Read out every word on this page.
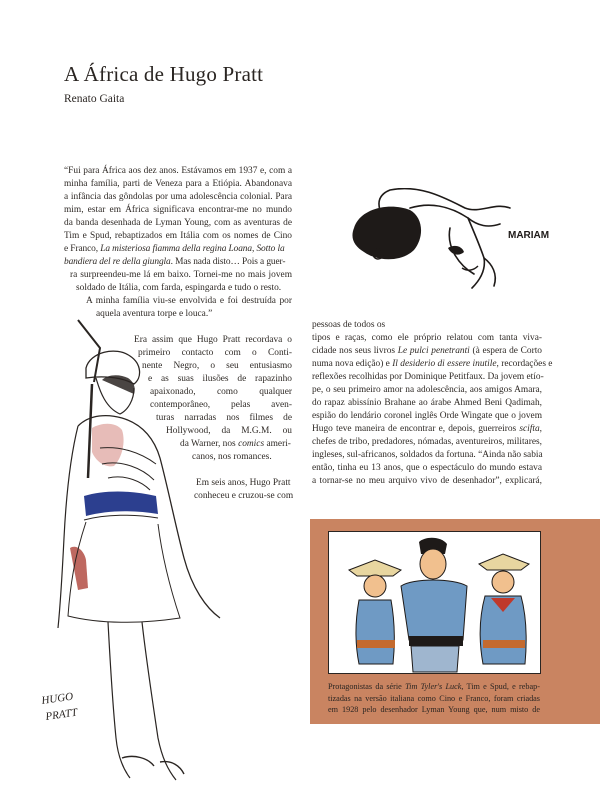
A África de Hugo Pratt
Renato Gaita
MARIAM
“Fui para África aos dez anos. Estávamos em 1937 e, com a
minha família, parti de Veneza para a Etiópia. Abandonava
a infância das gôndolas por uma adolescência colonial. Para
mim, estar em África significava encontrar-me no mundo
da banda desenhada de Lyman Young, com as aventuras de
Tim e Spud, rebaptizados em Itália com os nomes de Cino
e Franco, La misteriosa fiamma della regina Loana, Sotto la
bandiera del re della giungla. Mas nada disto… Pois a guer-
ra surpreendeu-me lá em baixo. Tornei-me no mais jovem
soldado de Itália, com farda, espingarda e tudo o resto.
A minha família viu-se envolvida e foi destruída por
aquela aventura torpe e louca.”
Era assim que Hugo Pratt recordava o
primeiro contacto com o Conti-
nente Negro, o seu entusiasmo
e as suas ilusões de rapazinho
apaixonado, como qualquer
contemporâneo, pelas aven-
turas narradas nos filmes de
Hollywood, da M.G.M. ou
da Warner, nos comics ameri-
canos, nos romances.
Em seis anos, Hugo Pratt
conheceu e cruzou-se com
pessoas de todos os
tipos e raças, como ele próprio relatou com tanta viva-
cidade nos seus livros Le pulci penetranti (à espera de Corto
numa nova edição) e Il desiderio di essere inutile, recordações e
reflexões recolhidas por Dominique Petitfaux. Da jovem etío-
pe, o seu primeiro amor na adolescência, aos amigos Amara,
do rapaz abissínio Brahane ao árabe Ahmed Beni Qadimah,
espião do lendário coronel inglês Orde Wingate que o jovem
Hugo teve maneira de encontrar e, depois, guerreiros scifta,
chefes de tribo, predadores, nómadas, aventureiros, militares,
ingleses, sul-africanos, soldados da fortuna. “Ainda não sabia
então, tinha eu 13 anos, que o espectáculo do mundo estava
a tornar-se no meu arquivo vivo de desenhador”, explicará,
HUGO
PRATT
Protagonistas da série Tim Tyler's Luck, Tim e Spud, e rebap-
tizadas na versão italiana como Cino e Franco, foram criadas
em 1928 pelo desenhador Lyman Young que, num misto de
